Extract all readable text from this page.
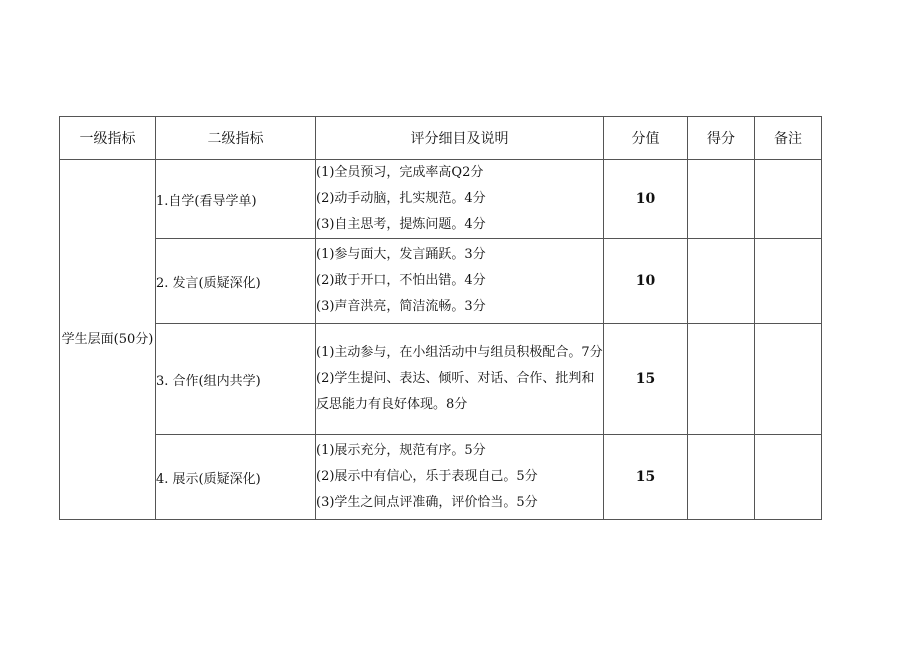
一级指标	二级指标	评分细目及说明	分值	得分	备注
学生层面(50分)	1.自学(看导学单)	(1)全员预习，完成率高Q2分
(2)动手动脑，扎实规范。4分
(3)自主思考，提炼问题。4分	10		
	2. 发言(质疑深化)	(1)参与面大，发言踊跃。3分
(2)敢于开口，不怕出错。4分
(3)声音洪亮，简洁流畅。3分	10		
	3. 合作(组内共学)	(1)主动参与，在小组活动中与组员积极配合。7分
(2)学生提问、表达、倾听、对话、合作、批判和反思能力有良好体现。8分	15		
	4. 展示(质疑深化)	(1)展示充分，规范有序。5分
(2)展示中有信心，乐于表现自己。5分
(3)学生之间点评准确，评价恰当。5分	15		
